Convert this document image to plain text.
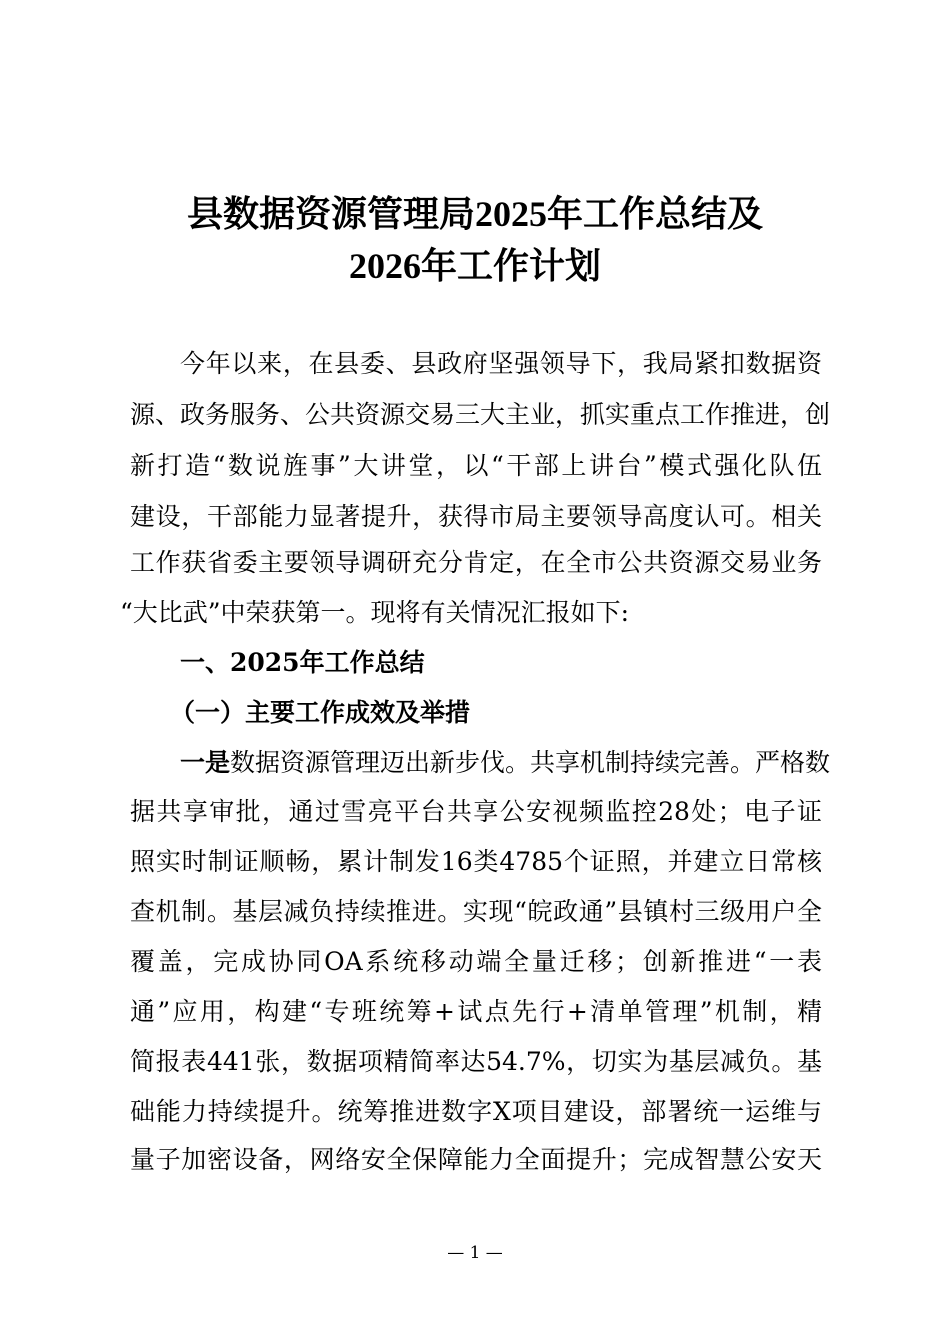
县数据资源管理局2025年工作总结及
2026年工作计划
今年以来，在县委、县政府坚强领导下，我局紧扣数据资
源、政务服务、公共资源交易三大主业，抓实重点工作推进，创
新打造“数说旌事”大讲堂，以“干部上讲台”模式强化队伍
建设，干部能力显著提升，获得市局主要领导高度认可。相关
工作获省委主要领导调研充分肯定，在全市公共资源交易业务
“大比武”中荣获第一。现将有关情况汇报如下:
一、2025年工作总结
（一）主要工作成效及举措
一是 数据资源管理迈出新步伐。共享机制持续完善。严格数
据共享审批，通过雪亮平台共享公安视频监控28处；电子证
照实时制证顺畅，累计制发16类4785个证照，并建立日常核
查机制。基层减负持续推进。实现“皖政通”县镇村三级用户全
覆盖，完成协同OA系统移动端全量迁移；创新推进“一表
通”应用，构建“专班统筹+试点先行+清单管理”机制，精
简报表441张，数据项精简率达54.7%，切实为基层减负。基
础能力持续提升。统筹推进数字X项目建设，部署统一运维与
量子加密设备，网络安全保障能力全面提升；完成智慧公安天
— 1 —
